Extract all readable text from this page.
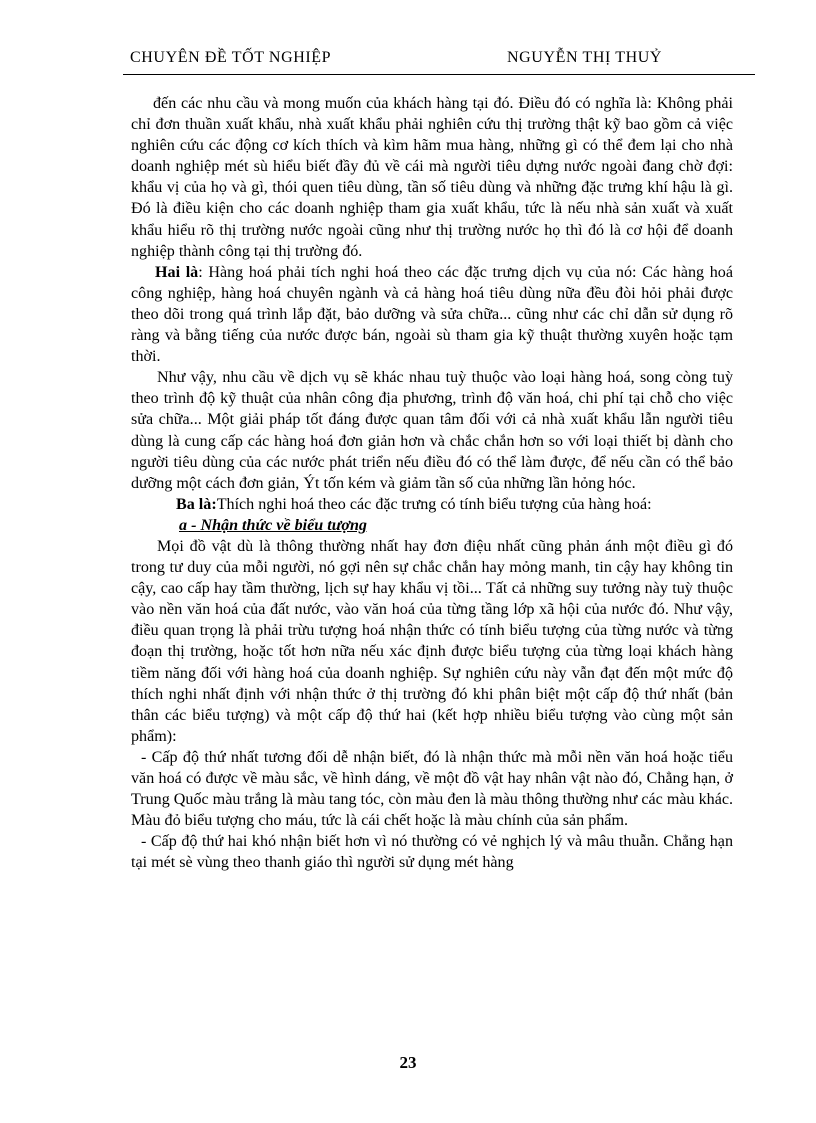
CHUYÊN ĐỀ TỐT NGHIỆP	NGUYỄN THỊ THUỶ

đến các nhu cầu và mong muốn của khách hàng tại đó. Điều đó có nghĩa là: Không phải chỉ đơn thuần xuất khẩu, nhà xuất khẩu phải nghiên cứu thị trường thật kỹ bao gồm cả việc nghiên cứu các động cơ kích thích và kìm hãm mua hàng, những gì có thể đem lại cho nhà doanh nghiệp mét sù hiểu biết đầy đủ về cái mà người tiêu dựng nước ngoài đang chờ đợi: khẩu vị của họ và gì, thói quen tiêu dùng, tần số tiêu dùng và những đặc trưng khí hậu là gì. Đó là điều kiện cho các doanh nghiệp tham gia xuất khẩu, tức là nếu nhà sản xuất và xuất khẩu hiểu rõ thị trường nước ngoài cũng như thị trường nước họ thì đó là cơ hội để doanh nghiệp thành công tại thị trường đó.

Hai là: Hàng hoá phải tích nghi hoá theo các đặc trưng dịch vụ của nó: Các hàng hoá công nghiệp, hàng hoá chuyên ngành và cả hàng hoá tiêu dùng nữa đều đòi hỏi phải được theo dõi trong quá trình lắp đặt, bảo dưỡng và sửa chữa... cũng như các chỉ dẫn sử dụng rõ ràng và bằng tiếng của nước được bán, ngoài sù tham gia kỹ thuật thường xuyên hoặc tạm thời.

Như vậy, nhu cầu về dịch vụ sẽ khác nhau tuỳ thuộc vào loại hàng hoá, song còng tuỳ theo trình độ kỹ thuật của nhân công địa phương, trình độ văn hoá, chi phí tại chỗ cho việc sửa chữa... Một giải pháp tốt đáng được quan tâm đối với cả nhà xuất khẩu lẫn người tiêu dùng là cung cấp các hàng hoá đơn giản hơn và chắc chắn hơn so với loại thiết bị dành cho người tiêu dùng của các nước phát triển nếu điều đó có thể làm được, để nếu cần có thể bảo dưỡng một cách đơn giản, Ýt tốn kém và giảm tần số của những lần hỏng hóc.

Ba là:Thích nghi hoá theo các đặc trưng có tính biểu tượng của hàng hoá:

a - Nhận thức về biểu tượng

Mọi đồ vật dù là thông thường nhất hay đơn điệu nhất cũng phản ánh một điều gì đó trong tư duy của mỗi người, nó gợi nên sự chắc chắn hay mỏng manh, tin cậy hay không tin cậy, cao cấp hay tầm thường, lịch sự hay khẩu vị tồi... Tất cả những suy tưởng này tuỳ thuộc vào nền văn hoá của đất nước, vào văn hoá của từng tầng lớp xã hội của nước đó. Như vậy, điều quan trọng là phải trừu tượng hoá nhận thức có tính biểu tượng của từng nước và từng đoạn thị trường, hoặc tốt hơn nữa nếu xác định được biểu tượng của từng loại khách hàng tiềm năng đối với hàng hoá của doanh nghiệp. Sự nghiên cứu này vẫn đạt đến một mức độ thích nghi nhất định với nhận thức ở thị trường đó khi phân biệt một cấp độ thứ nhất (bản thân các biểu tượng) và một cấp độ thứ hai (kết hợp nhiều biểu tượng vào cùng một sản phẩm):

- Cấp độ thứ nhất tương đối dễ nhận biết, đó là nhận thức mà mỗi nền văn hoá hoặc tiểu văn hoá có được về màu sắc, về hình dáng, về một đồ vật hay nhân vật nào đó, Chẳng hạn, ở Trung Quốc màu trắng là màu tang tóc, còn màu đen là màu thông thường như các màu khác. Màu đỏ biểu tượng cho máu, tức là cái chết hoặc là màu chính của sản phẩm.

- Cấp độ thứ hai khó nhận biết hơn vì nó thường có vẻ nghịch lý và mâu thuẫn. Chẳng hạn tại mét sè vùng theo thanh giáo thì người sử dụng mét hàng

23
